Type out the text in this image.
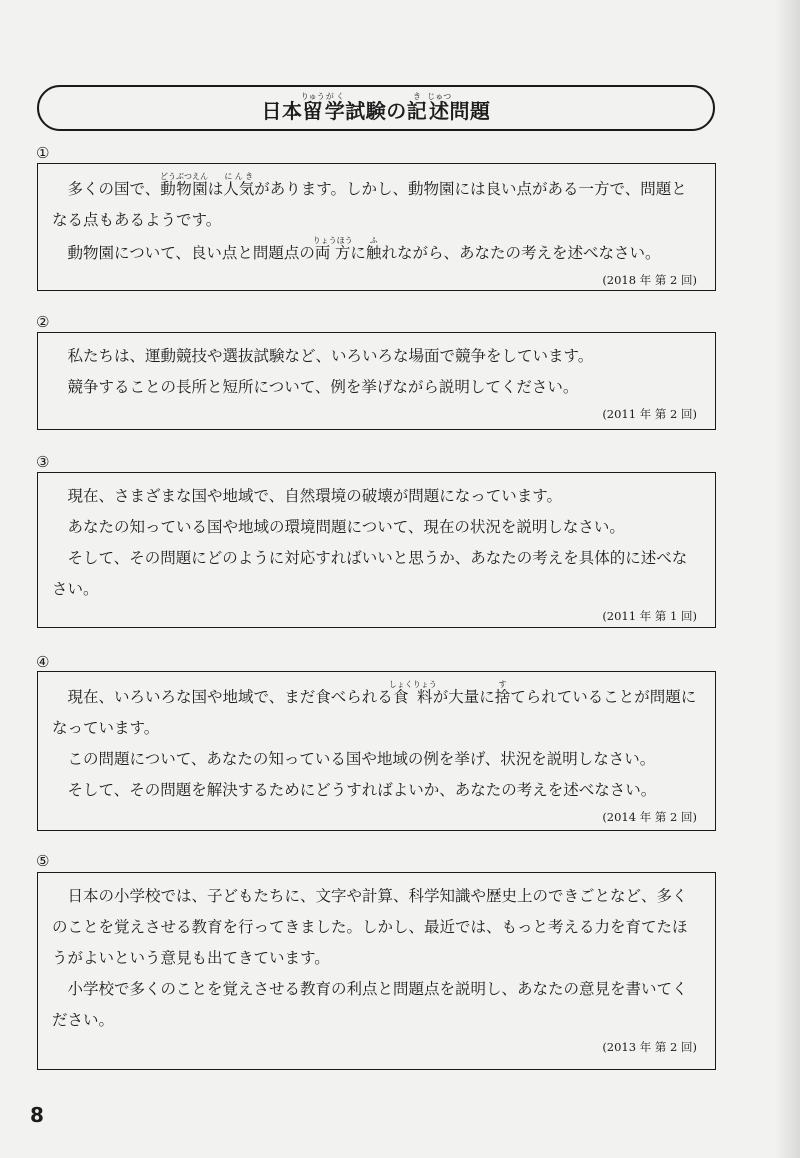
日本留りゅう学がく試験の記き述じゅつ問題
①

多くの国で、動物園どうぶつえんは人気にんきがあります。しかし、動物園には良い点がある一方で、問題となる点もあるようです。

動物園について、良い点と問題点の両方りょうほうに触ふれながら、あなたの考えを述べなさい。

(2018 年 第 2 回)
②

私たちは、運動競技や選抜試験など、いろいろな場面で競争をしています。

競争することの長所と短所について、例を挙げながら説明してください。

(2011 年 第 2 回)
③

現在、さまざまな国や地域で、自然環境の破壊が問題になっています。

あなたの知っている国や地域の環境問題について、現在の状況を説明しなさい。

そして、その問題にどのように対応すればいいと思うか、あなたの考えを具体的に述べなさい。

(2011 年 第 1 回)
④

現在、いろいろな国や地域で、まだ食べられる食料しょくりょうが大量に捨すてられていることが問題になっています。

この問題について、あなたの知っている国や地域の例を挙げ、状況を説明しなさい。

そして、その問題を解決するためにどうすればよいか、あなたの考えを述べなさい。

(2014 年 第 2 回)
⑤

日本の小学校では、子どもたちに、文字や計算、科学知識や歴史上のできごとなど、多くのことを覚えさせる教育を行ってきました。しかし、最近では、もっと考える力を育てたほうがよいという意見も出てきています。

小学校で多くのことを覚えさせる教育の利点と問題点を説明し、あなたの意見を書いてください。

(2013 年 第 2 回)
8
